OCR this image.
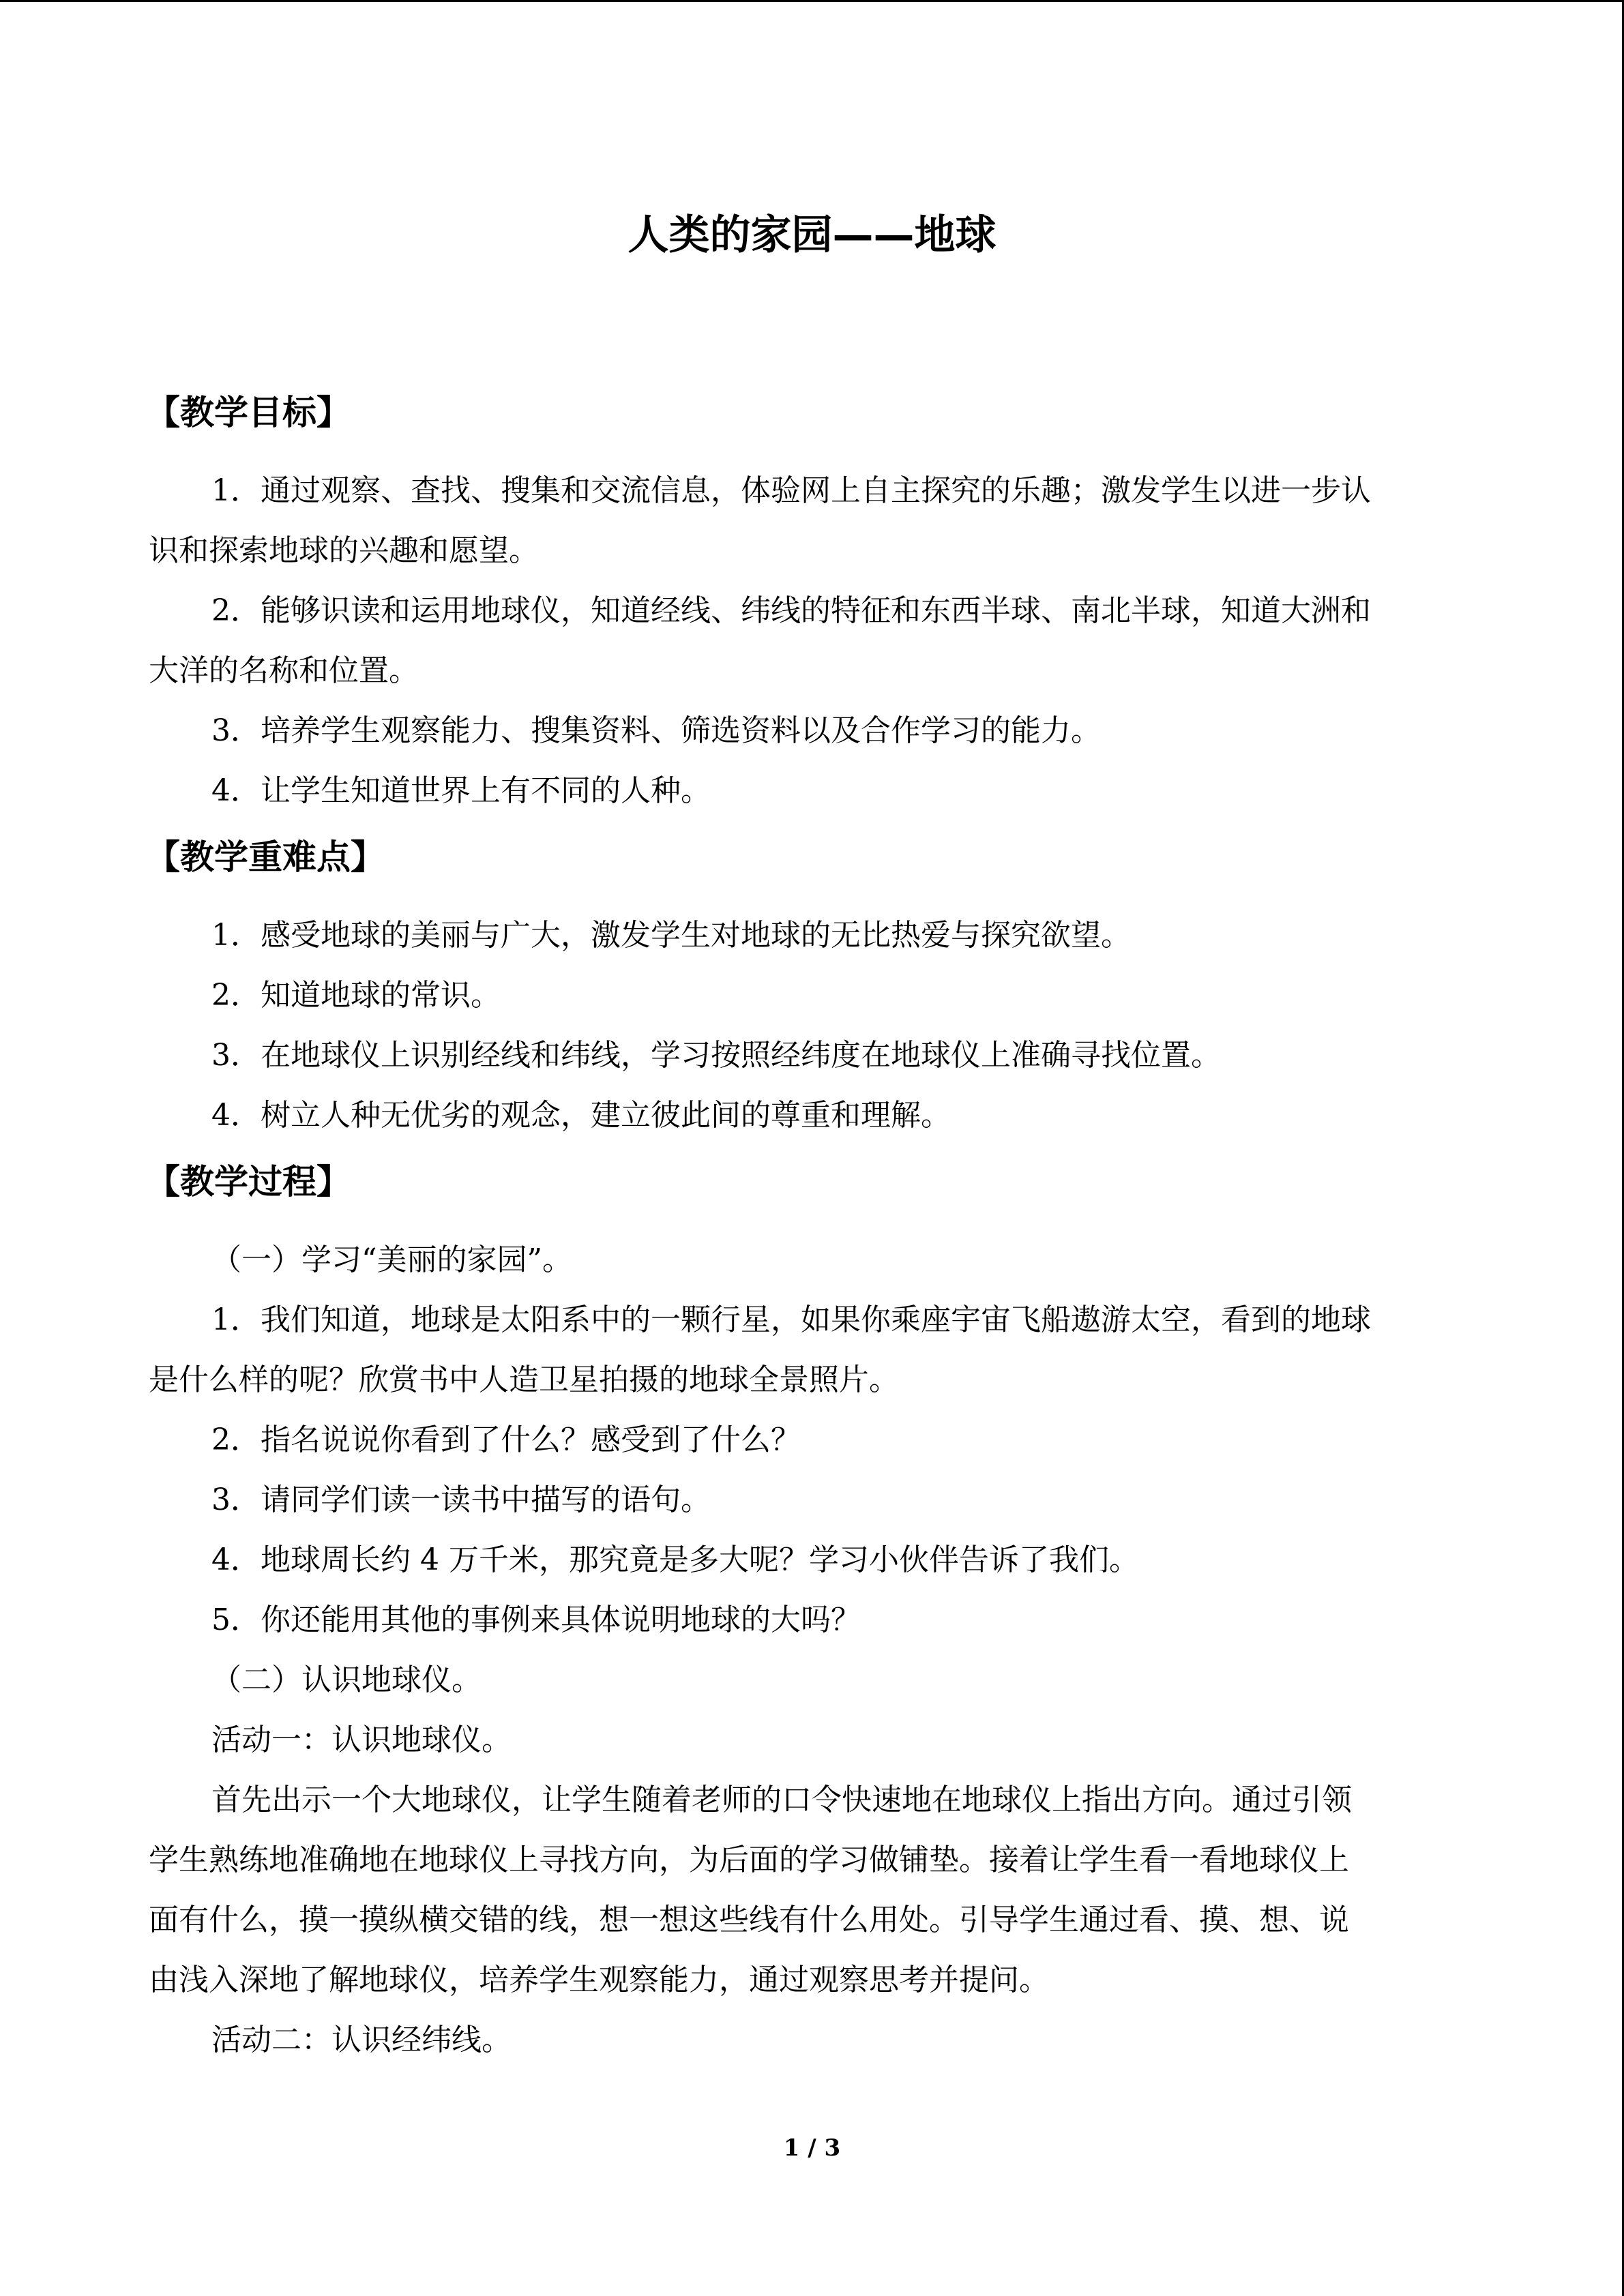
人类的家园——地球
【教学目标】

1．通过观察、查找、搜集和交流信息，体验网上自主探究的乐趣；激发学生以进一步认

识和探索地球的兴趣和愿望。

2．能够识读和运用地球仪，知道经线、纬线的特征和东西半球、南北半球，知道大洲和

大洋的名称和位置。

3．培养学生观察能力、搜集资料、筛选资料以及合作学习的能力。

4．让学生知道世界上有不同的人种。

【教学重难点】

1．感受地球的美丽与广大，激发学生对地球的无比热爱与探究欲望。

2．知道地球的常识。

3．在地球仪上识别经线和纬线，学习按照经纬度在地球仪上准确寻找位置。

4．树立人种无优劣的观念，建立彼此间的尊重和理解。

【教学过程】

（一）学习“美丽的家园”。

1．我们知道，地球是太阳系中的一颗行星，如果你乘座宇宙飞船遨游太空，看到的地球

是什么样的呢？欣赏书中人造卫星拍摄的地球全景照片。

2．指名说说你看到了什么？感受到了什么？

3．请同学们读一读书中描写的语句。

4．地球周长约 4 万千米，那究竟是多大呢？学习小伙伴告诉了我们。

5．你还能用其他的事例来具体说明地球的大吗？

（二）认识地球仪。

活动一：认识地球仪。

首先出示一个大地球仪，让学生随着老师的口令快速地在地球仪上指出方向。通过引领

学生熟练地准确地在地球仪上寻找方向，为后面的学习做铺垫。接着让学生看一看地球仪上

面有什么，摸一摸纵横交错的线，想一想这些线有什么用处。引导学生通过看、摸、想、说

由浅入深地了解地球仪，培养学生观察能力，通过观察思考并提问。

活动二：认识经纬线。

1 / 3
